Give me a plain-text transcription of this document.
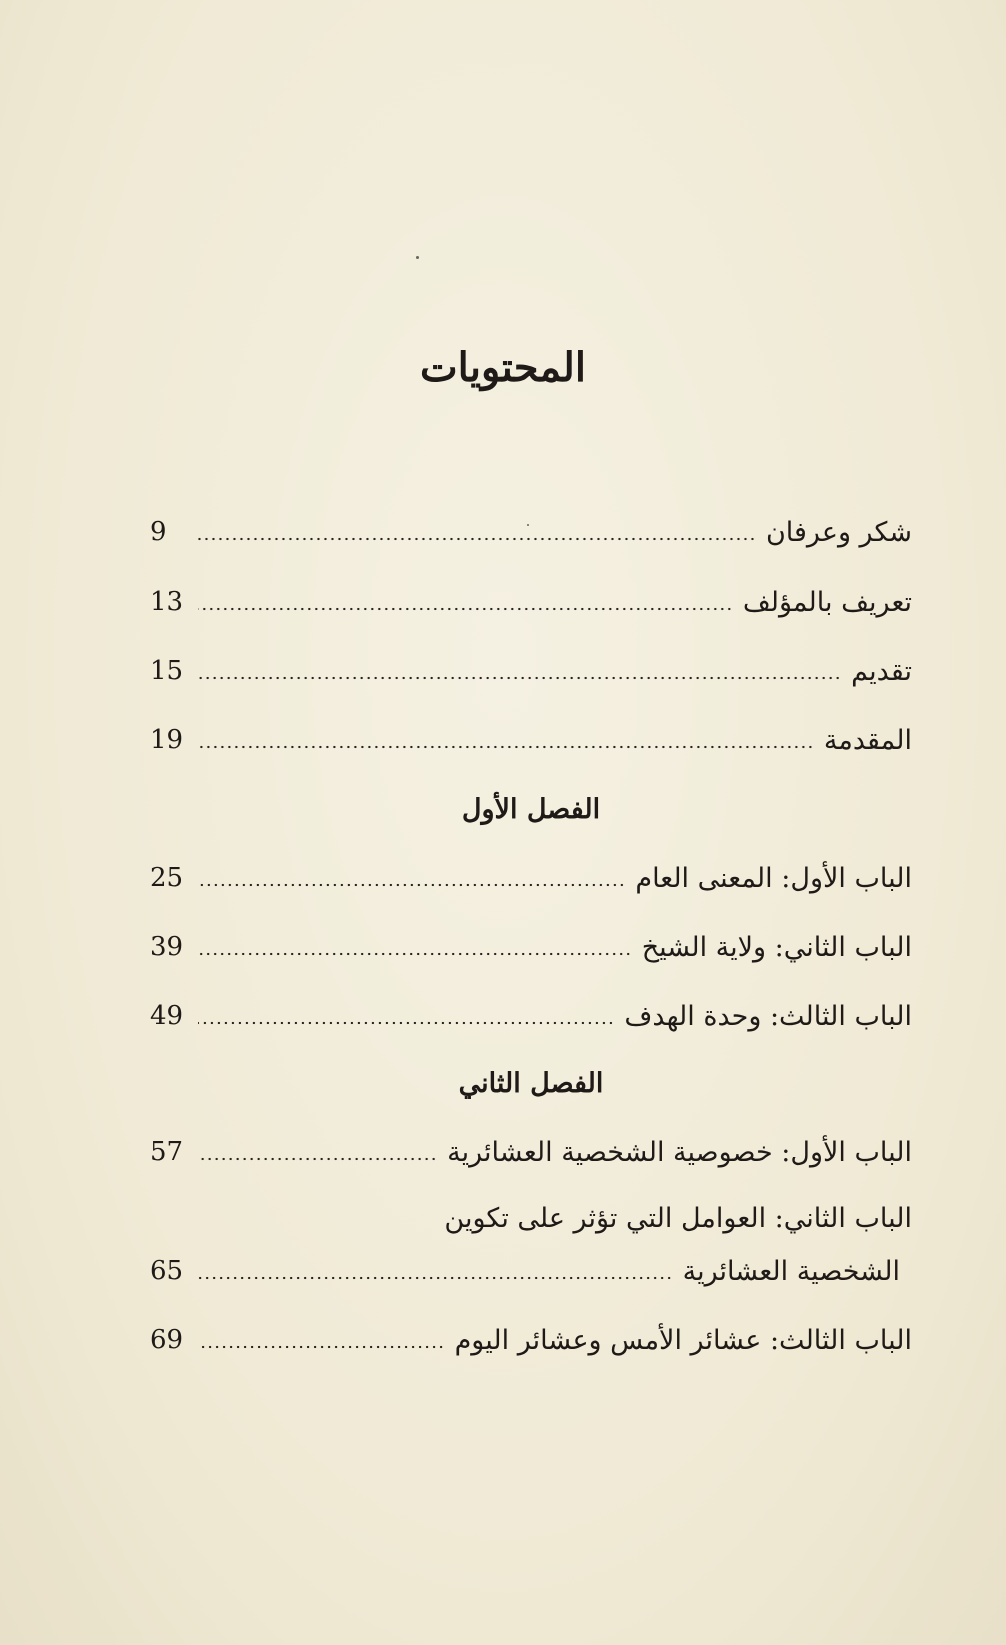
المحتويات
شكر وعرفان
9
تعريف بالمؤلف
13
تقديم
15
المقدمة
19
الفصل الأول
الباب الأول: المعنى العام
25
الباب الثاني: ولاية الشيخ
39
الباب الثالث: وحدة الهدف
49
الفصل الثاني
الباب الأول: خصوصية الشخصية العشائرية
57
الباب الثاني: العوامل التي تؤثر على تكوين
الشخصية العشائرية
65
الباب الثالث: عشائر الأمس وعشائر اليوم
69
